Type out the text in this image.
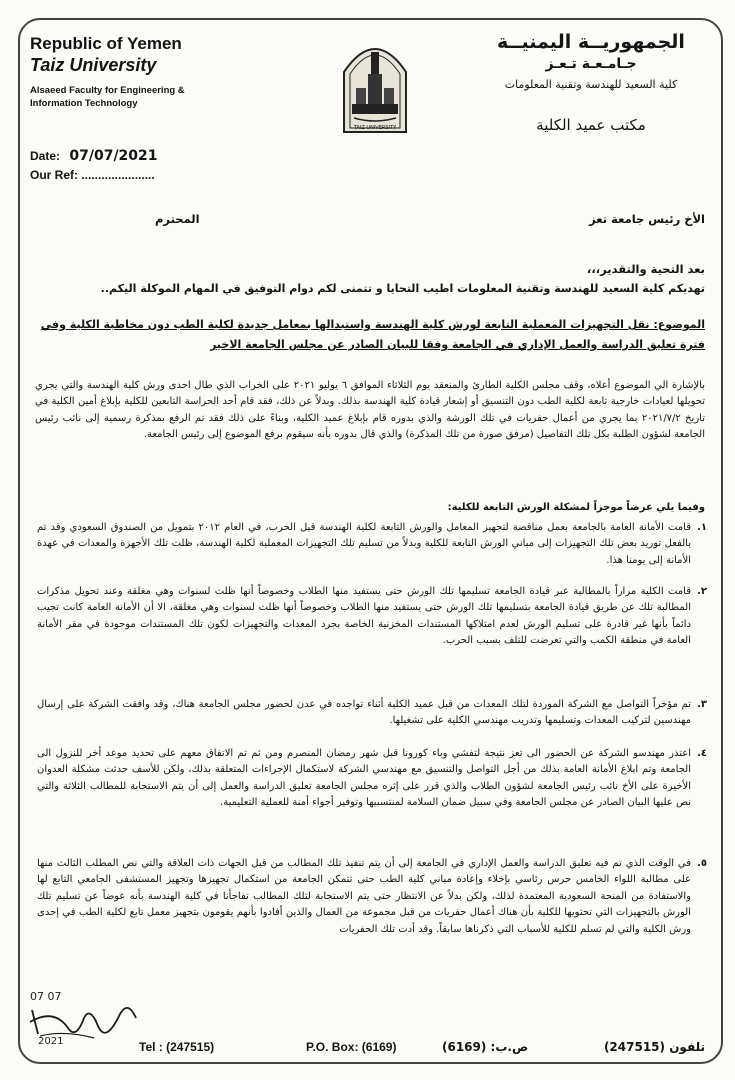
Republic of Yemen
Taiz University
Alsaeed Faculty for Engineering &
Information Technology
Date: 07/07/2021
Our Ref: ......................
TAIZ UNIVERSITY
الجمهوريــة اليمنيــة
جـامـعـة تـعـز
كلية السعيد للهندسة وتقنية المعلومات
مكتب عميد الكلية
الأخ رئيس جامعة تعز
المحترم
بعد التحية والتقدير،،،
تهديكم كلية السعيد للهندسة وتقنية المعلومات اطيب التحايا و تتمنى لكم دوام التوفيق في المهام الموكلة اليكم..
الموضوع: نقل التجهيزات المعملية التابعة لورش كلية الهندسة واستبدالها بمعامل جديدة لكلية الطب دون مخاطبة الكلية وفي فترة تعليق الدراسة والعمل الإداري في الجامعة وفقا للبيان الصادر عن مجلس الجامعة الاخير
بالإشارة الي الموضوع أعلاه، وقف مجلس الكلية الطارئ والمنعقد يوم الثلاثاء الموافق ٦ يوليو ٢٠٢١ على الخراب الذي طال احدى ورش كلية الهندسة والتي يجري تحويلها لعيادات خارجية تابعة لكلية الطب دون التنسيق أو إشعار قيادة كلية الهندسة بذلك. وبدلاً عن ذلك، فقد قام أحد الحراسة التابعين للكلية بإبلاغ أمين الكلية في تاريخ ٢٠٢١/٧/٢ بما يجري من أعمال حفريات في تلك الورشة والذي بدوره قام بإبلاغ عميد الكلية، وبناءً على ذلك فقد تم الرفع بمذكرة رسمية إلى نائب رئيس الجامعة لشؤون الطلبة بكل تلك التفاصيل (مرفق صورة من تلك المذكرة) والذي قال بدوره بأنه سيقوم برفع الموضوع إلى رئيس الجامعة.
وفيما يلي عرضاً موجزاً لمشكلة الورش التابعة للكلية:
١.
قامت الأمانة العامة بالجامعة بعمل مناقصة لتجهيز المعامل والورش التابعة لكلية الهندسة قبل الحرب، في العام ٢٠١٢ بتمويل من الصندوق السعودي وقد تم بالفعل توريد بعض تلك التجهيزات إلى مباني الورش التابعة للكلية وبدلاً من تسليم تلك التجهيزات المعملية لكلية الهندسة، ظلت تلك الأجهزة والمعدات في عهدة الأمانة إلى يومنا هذا.
٢.
قامت الكلية مراراً بالمطالبة عبر قيادة الجامعة تسليمها تلك الورش حتى يستفيد منها الطلاب وخصوصاً أنها ظلت لسنوات وهي مغلقة وعند تحويل مذكرات المطالبة تلك عن طريق قيادة الجامعة بتسليمها تلك الورش حتى يستفيد منها الطلاب وخصوصاً أنها ظلت لسنوات وهي مغلقة، الا أن الأمانة العامة كانت تجيب دائماً بأنها غير قادرة على تسليم الورش لعدم امتلاكها المستندات المخزنية الخاصة بجرد المعدات والتجهيزات لكون تلك المستندات موجودة في مقر الأمانة العامة في منطقة الكمب والتي تعرضت للتلف بسبب الحرب.
٣.
تم مؤخراً التواصل مع الشركة الموردة لتلك المعدات من قبل عميد الكلية أثناء تواجده في عدن لحضور مجلس الجامعة هناك، وقد وافقت الشركة على إرسال مهندسين لتركيب المعدات وتسليمها وتدريب مهندسي الكلية على تشغيلها.
٤.
اعتذر مهندسو الشركة عن الحضور الى تعز نتيجة لتفشي وباء كورونا قبل شهر رمضان المنصرم ومن ثم تم الاتفاق معهم على تحديد موعد أخر للنزول الى الجامعة وتم ابلاغ الأمانة العامة بذلك من أجل التواصل والتنسيق مع مهندسي الشركة لاستكمال الإجراءات المتعلقة بذلك، ولكن للأسف حدثت مشكلة العدوان الأخيرة على الأخ نائب رئيس الجامعة لشؤون الطلاب والذي قرر على إثره مجلس الجامعة تعليق الدراسة والعمل إلى أن يتم الاستجابة للمطالب الثلاثة والتي نص عليها البيان الصادر عن مجلس الجامعة وفي سبيل ضمان السلامة لمنتسبيها وتوفير أجواء أمنة للعملية التعليمية.
٥.
في الوقت الذي تم فيه تعليق الدراسة والعمل الإداري في الجامعة إلى أن يتم تنفيذ تلك المطالب من قبل الجهات ذات العلاقة والتي نص المطلب الثالث منها على مطالبة اللواء الخامس حرس رئاسي بإخلاء وإعادة مباني كلية الطب حتى تتمكن الجامعة من استكمال تجهيزها وتجهيز المستشفى الجامعي التابع لها والاستفادة من المنحة السعودية المعتمدة لذلك، ولكن بدلاً عن الانتظار حتى يتم الاستجابة لتلك المطالب تفاجأنا في كلية الهندسة بأنه عوضاً عن تسليم تلك الورش بالتجهيزات التي تحتويها للكلية بأن هناك أعمال حفريات من قبل مجموعة من العمال والذين أفادوا بأنهم يقومون بتجهيز معمل تابع لكلية الطب في إحدى ورش الكلية والتي لم تسلم للكلية للأسباب التي ذكرناها سابقاً. وقد أدت تلك الحفريات
07 07
2021	Tel : (247515)	P.O. Box: (6169)	ص.ب: (6169)	تلفون (247515)
